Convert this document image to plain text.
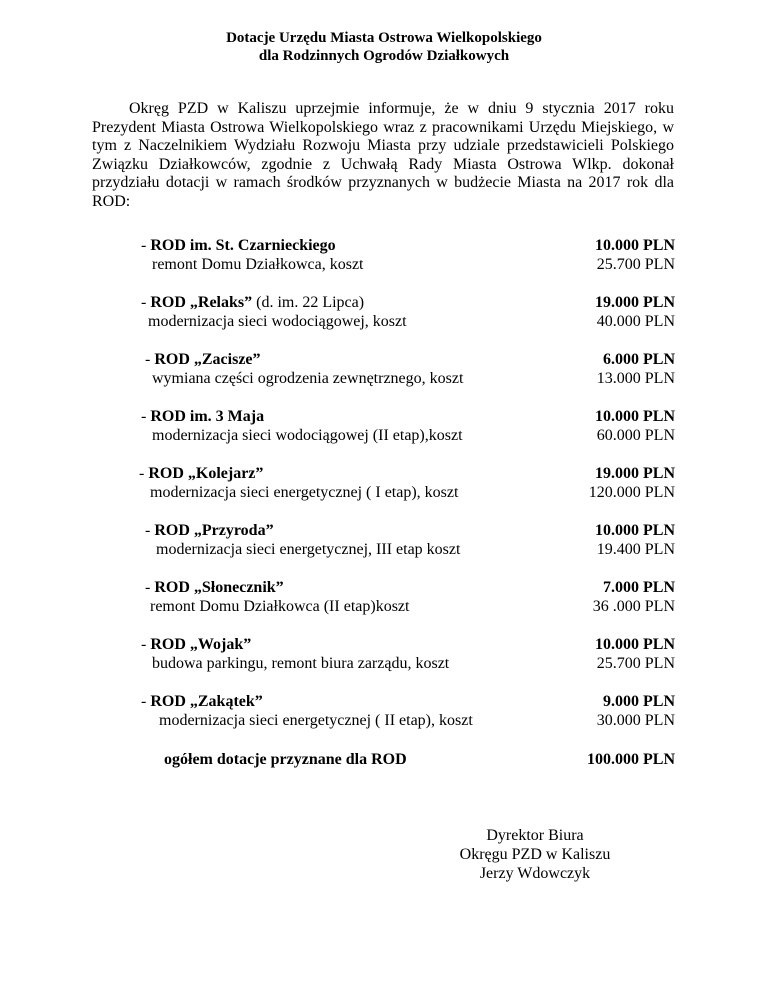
Dotacje Urzędu Miasta Ostrowa Wielkopolskiego
dla Rodzinnych Ogrodów Działkowych

Okręg PZD w Kaliszu uprzejmie informuje, że w dniu 9 stycznia 2017 roku Prezydent Miasta Ostrowa Wielkopolskiego wraz z pracownikami Urzędu Miejskiego, w tym z Naczelnikiem Wydziału Rozwoju Miasta przy udziale przedstawicieli Polskiego Związku Działkowców, zgodnie z Uchwałą Rady Miasta Ostrowa Wlkp. dokonał przydziału dotacji w ramach środków przyznanych w budżecie Miasta na 2017 rok dla ROD:

- ROD im. St. Czarnieckiego
remont Domu Działkowca, koszt
10.000 PLN
25.700 PLN
- ROD „Relaks” (d. im. 22 Lipca)
modernizacja sieci wodociągowej, koszt
19.000 PLN
40.000 PLN
- ROD „Zacisze”
wymiana części ogrodzenia zewnętrznego, koszt
6.000 PLN
13.000 PLN
- ROD im. 3 Maja
modernizacja sieci wodociągowej (II etap),koszt
10.000 PLN
60.000 PLN
- ROD „Kolejarz”
modernizacja sieci energetycznej ( I etap), koszt
19.000 PLN
120.000 PLN
- ROD „Przyroda”
modernizacja sieci energetycznej, III etap koszt
10.000 PLN
19.400 PLN
- ROD „Słonecznik”
remont Domu Działkowca (II etap)koszt
7.000 PLN
36 .000 PLN
- ROD „Wojak”
budowa parkingu, remont biura zarządu, koszt
10.000 PLN
25.700 PLN
- ROD „Zakątek”
modernizacja sieci energetycznej ( II etap), koszt
9.000 PLN
30.000 PLN
ogółem dotacje przyznane dla ROD	100.000 PLN
Dyrektor Biura
Okręgu PZD w Kaliszu
Jerzy Wdowczyk
